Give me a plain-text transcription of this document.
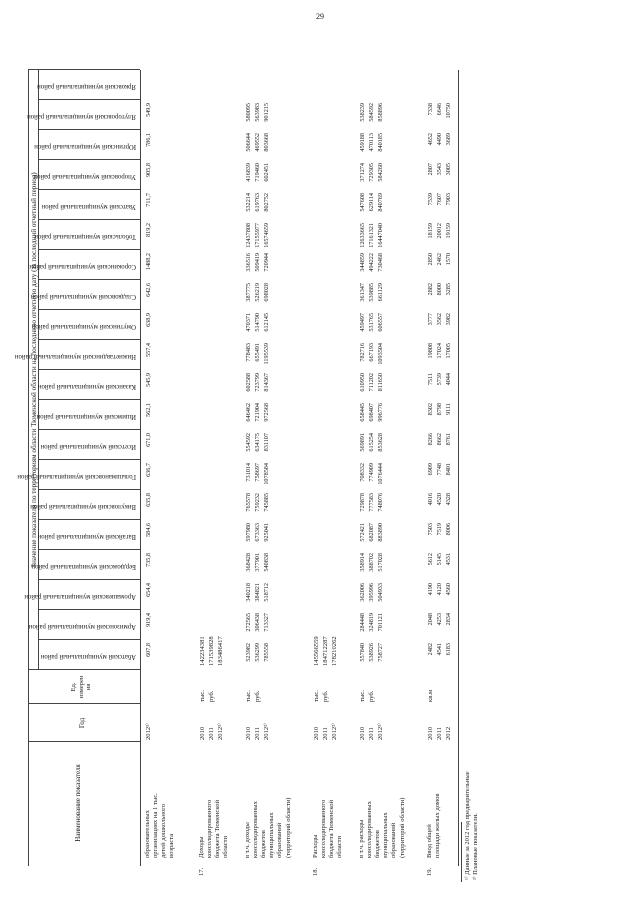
29
Наименование показателя
Год
Ед. измерен ия
Значение показателя по территориям области Тюменской области на последнюю отчетную дату (за последний отчетный период)
Абатский муниципальный район
Армизонский муниципальный район
Аромашевский муниципальный район
Бердюжский муниципальный район
Вагайский муниципальный район
Викуловский муниципальный район
Голышмановский муниципальный район
Исетский муниципальный район
Ишимский муниципальный район
Казанский муниципальный район
Нижнетавдинский муниципальный район
Омутинский муниципальный район
Сладковский муниципальный район
Сорокинский муниципальный район
Тобольский муниципальный район
Уватский муниципальный район
Упоровский муниципальный район
Юргинский муниципальный район
Ялуторовский муниципальный район
Ярковский муниципальный район
образовательных организациях на 1 тыс. детей дошкольного возраста
2012²⁾
607,8
919,4
654,4
735,8
584,6
635,8
636,7
671,0
562,1
545,9
557,4
638,9
642,6
1488,2
819,2
711,7
905,8
786,1
549,9
17.
Доходы консолидированного бюджета Тюменской области
2010 2011 2012²⁾
тыс. руб.
142234381 171539828 183486417
в т.ч. доходы консолидированных бюджетов муниципальных образований (территорий области)
2010 2011 2012²⁾
тыс. руб.
523982 536299 785558
272565 306438 713327
340218 384821 518712
368428 377901 540838
597980 673363 925041
765578 759232 745885
731014 758697 1078584
554592 634175 831107
646462 721904 972568
602588 723799 814367
778483 655491 1195539
470371 514790 612145
387775 526219 698028
336516 509419 720944
12437808 17155977 16574659
532214 619763 802752
416839 719460 602451
506644 469552 803668
580095 563983 901215
18.
Расходы консолидированного бюджета Тюменской области
2010 2011 2012²⁾
тыс. руб.
145566559 184712287 178210262
в т.ч. расходы консолидированных бюджетов муниципальных образований (территорий области)
2010 2011 2012²⁾
тыс. руб.
557840 538926 758727
284448 324819 701121
362006 395996 504933
358914 388702 517028
572421 682087 883890
729878 777583 748076
708332 774909 1076444
569891 615254 853628
658445 698407 996776
610950 711202 811650
782716 667193 1093504
459497 531765 606557
361347 539885 661129
344859 494222 730468
12633665 17161321 16447040
547608 629114 840769
371274 729305 584260
459188 470113 840185
538239 584592 858896
19.
Ввод общей площади жилых домов
2010 2011 2012
кв.м
2482 4541 6183
2048 4253 2834
4190 4120 4560
5612 5145 4531
7503 7519 8006
4016 4520 4328
6909 7748 8401
8266 8662 8761
8302 8798 9111
7511 5739 4044
19808 17024 17005
3777 3562 3982
2882 8000 3285
2850 2462 1570
18159 20012 19159
7539 7607 7903
2807 3543 3005
4652 4490 3689
7338 6646 10750
¹⁾ Данные за 2012 год предварительные ²⁾ Плановые показатели.
